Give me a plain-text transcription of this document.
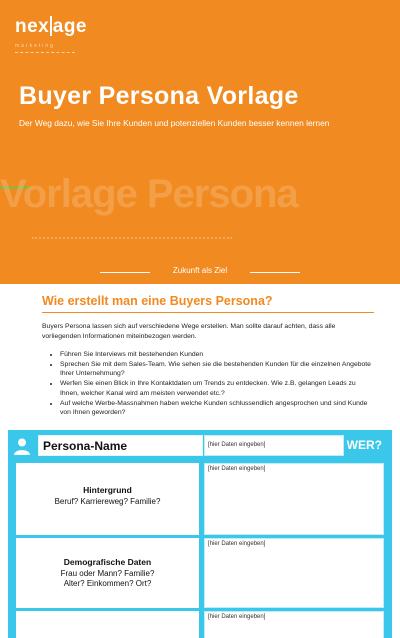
nex age
marketing
Buyer Persona Vorlage
Der Weg dazu, wie Sie Ihre Kunden und potenziellen Kunden besser kennen lernen
Vorlage Persona
Zukunft als Ziel
Wie erstellt man eine Buyers Persona?
Buyers Persona lassen sich auf verschiedene Wege erstellen. Man sollte darauf achten, dass alle vorliegenden Informationen miteinbezogen werden.
• Führen Sie Interviews mit bestehenden Kunden
• Sprechen Sie mit dem Sales-Team. Wie sehen sie die bestehenden Kunden für die einzelnen Angebote Ihrer Unternehmung?
• Werfen Sie einen Blick in Ihre Kontaktdaten um Trends zu entdecken. Wie z.B. gelangen Leads zu Ihnen, welcher Kanal wird am meisten verwendet etc.?
• Auf welche Werbe-Massnahmen haben welche Kunden schlussendlich angesprochen und sind Kunde von Ihnen geworden?
Persona-Name	[hier Daten eingeben]	WER?
Hintergrund
Beruf? Karriereweg? Familie?
[hier Daten eingeben]
Demografische Daten
Frau oder Mann? Familie?
Alter? Einkommen? Ort?
[hier Daten eingeben]
[hier Daten eingeben]
